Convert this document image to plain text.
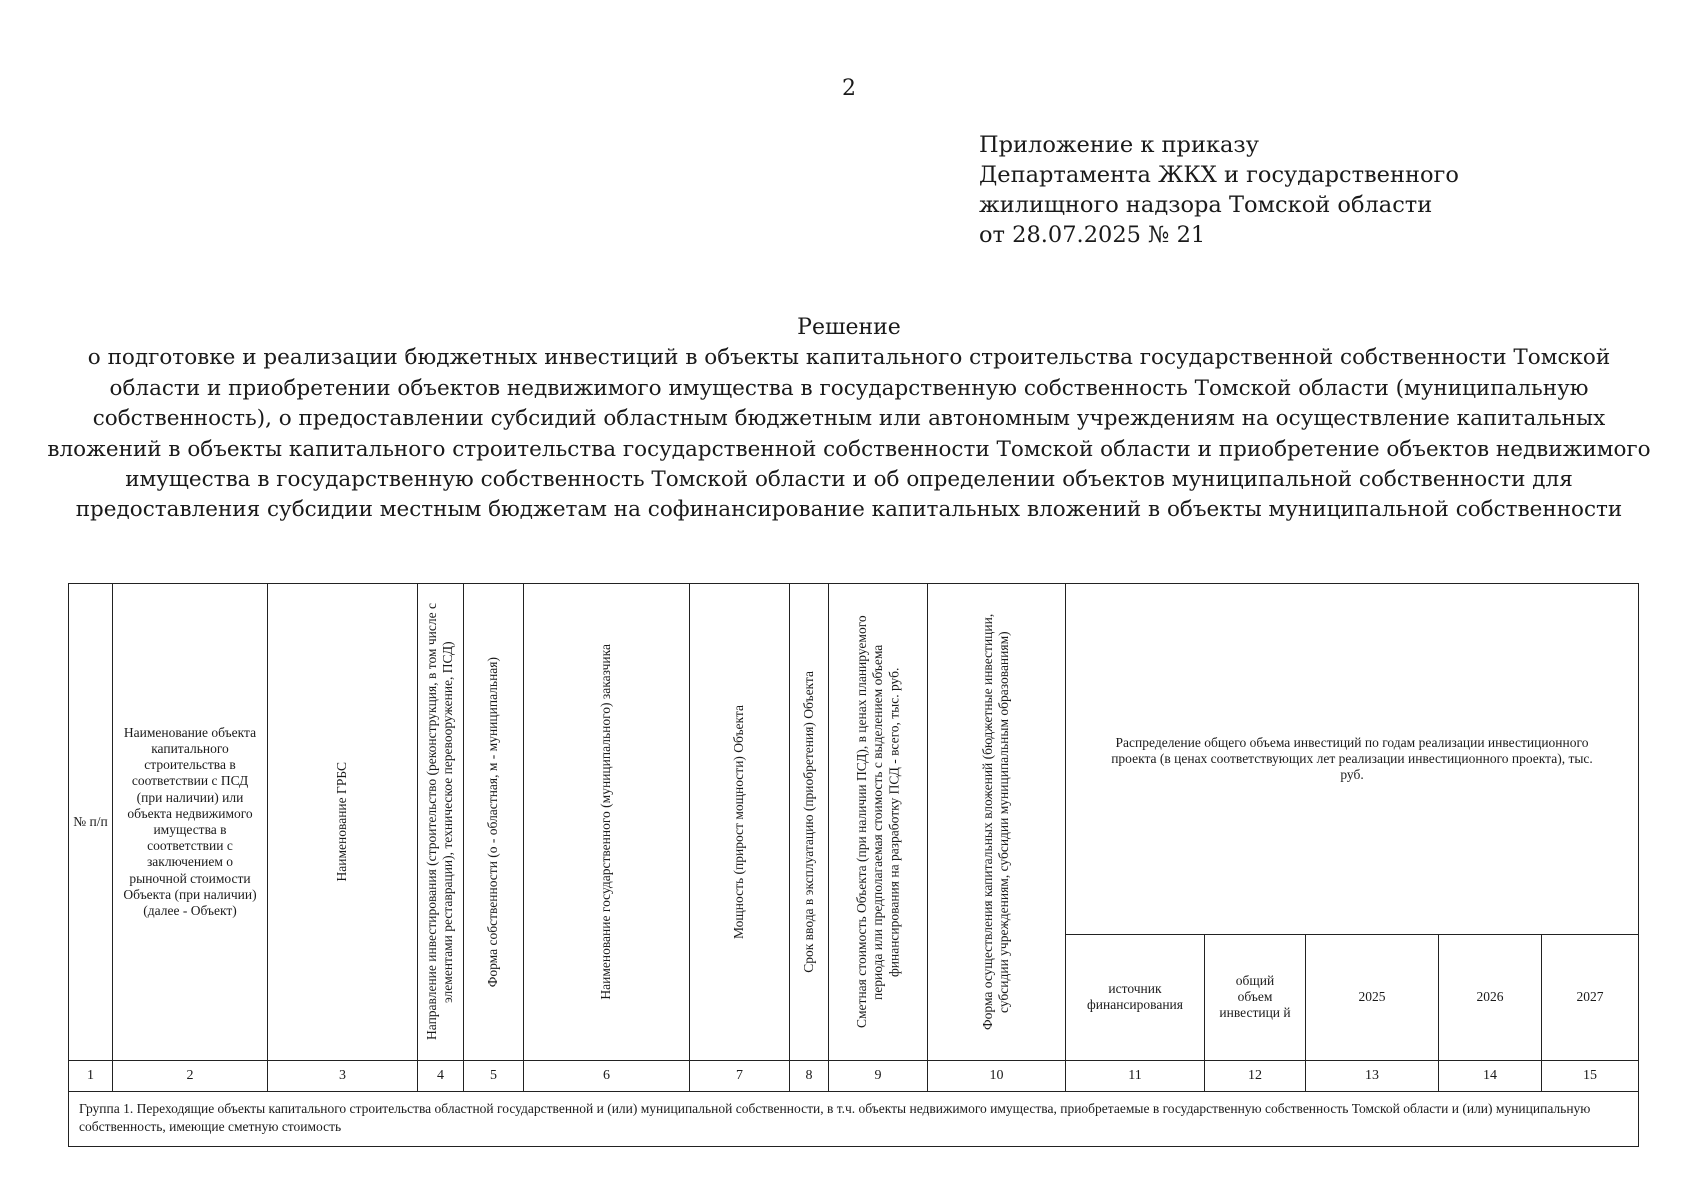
2
Приложение к приказу
Департамента ЖКХ и государственного
жилищного надзора Томской области
от 28.07.2025 № 21
Решение
о подготовке и реализации бюджетных инвестиций в объекты капитального строительства государственной собственности Томской области и приобретении объектов недвижимого имущества в государственную собственность Томской области (муниципальную собственность), о предоставлении субсидий областным бюджетным или автономным учреждениям на осуществление капитальных вложений в объекты капитального строительства государственной собственности Томской области и приобретение объектов недвижимого имущества в государственную собственность Томской области и об определении объектов муниципальной собственности для предоставления субсидии местным бюджетам на софинансирование капитальных вложений в объекты муниципальной собственности
№ п/п	Наименование объекта капитального строительства в соответствии с ПСД (при наличии) или объекта недвижимого имущества в соответствии с заключением о рыночной стоимости Объекта (при наличии) (далее - Объект)	Наименование ГРБС	Направление инвестирования (строительство (реконструкция, в том числе с элементами реставрации), техническое перевооружение, ПСД)	Форма собственности (о - областная, м - муниципальная)	Наименование государственного (муниципального) заказчика	Мощность (прирост мощности) Объекта	Срок ввода в эксплуатацию (приобретения) Объекта	Сметная стоимость Объекта (при наличии ПСД), в ценах планируемого периода или предполагаемая стоимость с выделением объема финансирования на разработку ПСД - всего, тыс. руб.	Форма осуществления капитальных вложений (бюджетные инвестиции, субсидии учреждениям, субсидии муниципальным образованиям)	Распределение общего объема инвестиций по годам реализации инвестиционного проекта (в ценах соответствующих лет реализации инвестиционного проекта), тыс. руб.				

										источник финансирования	общий объем инвестици й	2025	2026	2027
1	2	3	4	5	6	7	8	9	10	11	12	13	14	15
Группа 1. Переходящие объекты капитального строительства областной государственной и (или) муниципальной собственности, в т.ч. объекты недвижимого имущества, приобретаемые в государственную собственность Томской области и (или) муниципальную собственность, имеющие сметную стоимость														
